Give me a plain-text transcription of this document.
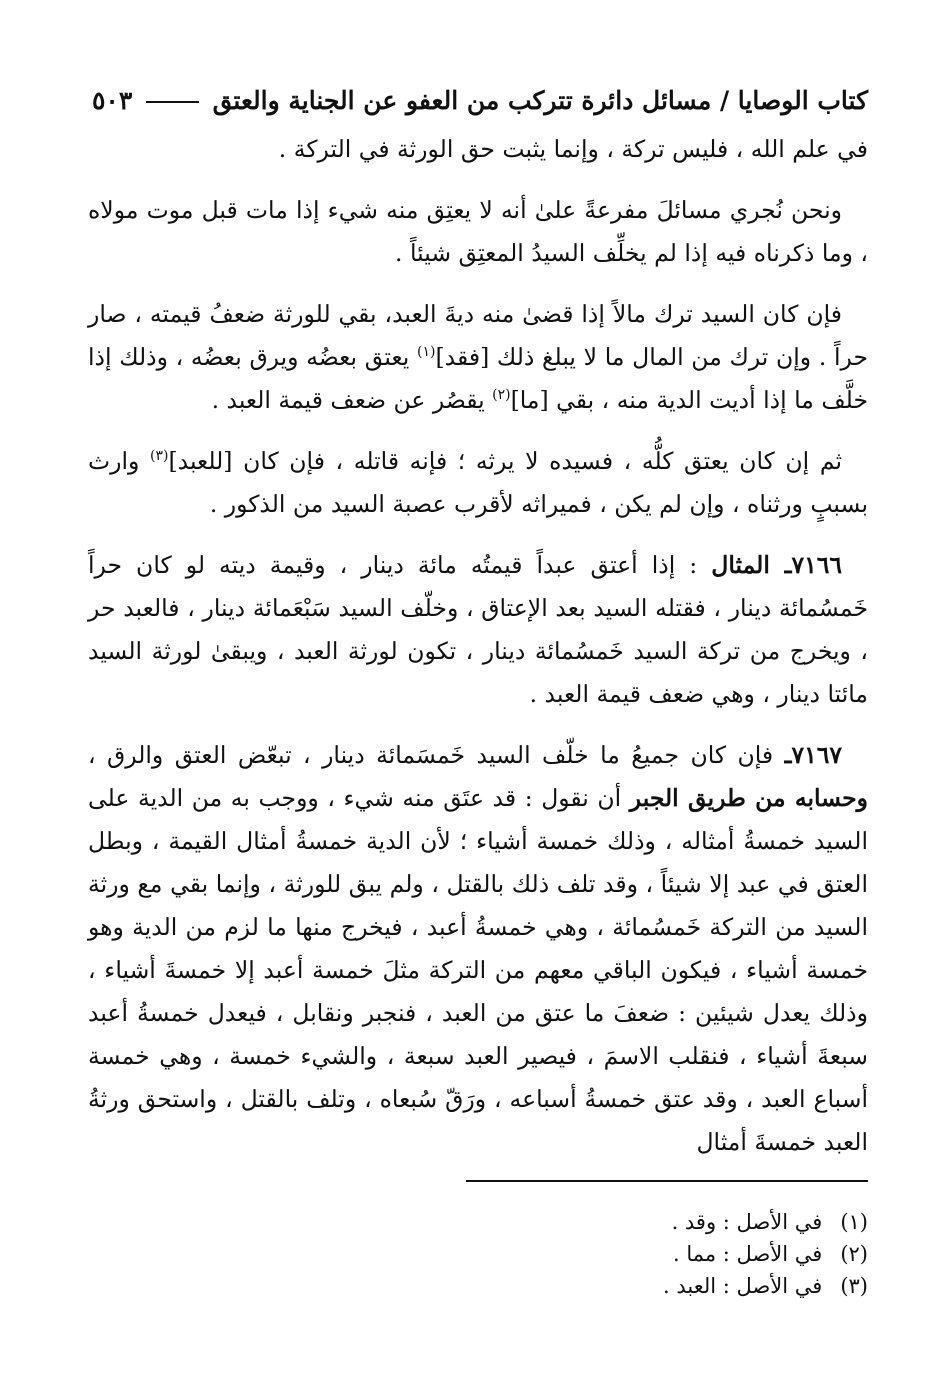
كتاب الوصايا / مسائل دائرة تتركب من العفو عن الجناية والعتق
٥٠٣

في علم الله ، فليس تركة ، وإنما يثبت حق الورثة في التركة .

ونحن نُجري مسائلَ مفرعةً علىٰ أنه لا يعتِق منه شيء إذا مات قبل موت مولاه ، وما ذكرناه فيه إذا لم يخلِّف السيدُ المعتِق شيئاً .

فإن كان السيد ترك مالاً إذا قضىٰ منه ديةَ العبد، بقي للورثة ضعفُ قيمته ، صار حراً . وإن ترك من المال ما لا يبلغ ذلك [فقد]$^{(١)}$ يعتق بعضُه ويرق بعضُه ، وذلك إذا خلَّف ما إذا أديت الدية منه ، بقي [ما]$^{(٢)}$ يقصُر عن ضعف قيمة العبد .

ثم إن كان يعتق كلُّه ، فسيده لا يرثه ؛ فإنه قاتله ، فإن كان [للعبد]$^{(٣)}$ وارث بسببٍ ورثناه ، وإن لم يكن ، فميراثه لأقرب عصبة السيد من الذكور .

٧١٦٦ـ المثال : إذا أعتق عبداً قيمتُه مائة دينار ، وقيمة ديته لو كان حراً خَمسُمائة دينار ، فقتله السيد بعد الإعتاق ، وخلّف السيد سَبْعَمائة دينار ، فالعبد حر ، ويخرج من تركة السيد خَمسُمائة دينار ، تكون لورثة العبد ، ويبقىٰ لورثة السيد مائتا دينار ، وهي ضعف قيمة العبد .

٧١٦٧ـ فإن كان جميعُ ما خلّف السيد خَمسَمائة دينار ، تبعّض العتق والرق ، وحسابه من طريق الجبر أن نقول : قد عتَق منه شيء ، ووجب به من الدية على السيد خمسةُ أمثاله ، وذلك خمسة أشياء ؛ لأن الدية خمسةُ أمثال القيمة ، وبطل العتق في عبد إلا شيئاً ، وقد تلف ذلك بالقتل ، ولم يبق للورثة ، وإنما بقي مع ورثة السيد من التركة خَمسُمائة ، وهي خمسةُ أعبد ، فيخرج منها ما لزم من الدية وهو خمسة أشياء ، فيكون الباقي معهم من التركة مثلَ خمسة أعبد إلا خمسةَ أشياء ، وذلك يعدل شيئين : ضعفَ ما عتق من العبد ، فنجبر ونقابل ، فيعدل خمسةُ أعبد سبعةَ أشياء ، فنقلب الاسمَ ، فيصير العبد سبعة ، والشيء خمسة ، وهي خمسة أسباع العبد ، وقد عتق خمسةُ أسباعه ، ورَقّ سُبعاه ، وتلف بالقتل ، واستحق ورثةُ العبد خمسةَ أمثال

(١)
في الأصل : وقد .
(٢)
في الأصل : مما .
(٣)
في الأصل : العبد .
